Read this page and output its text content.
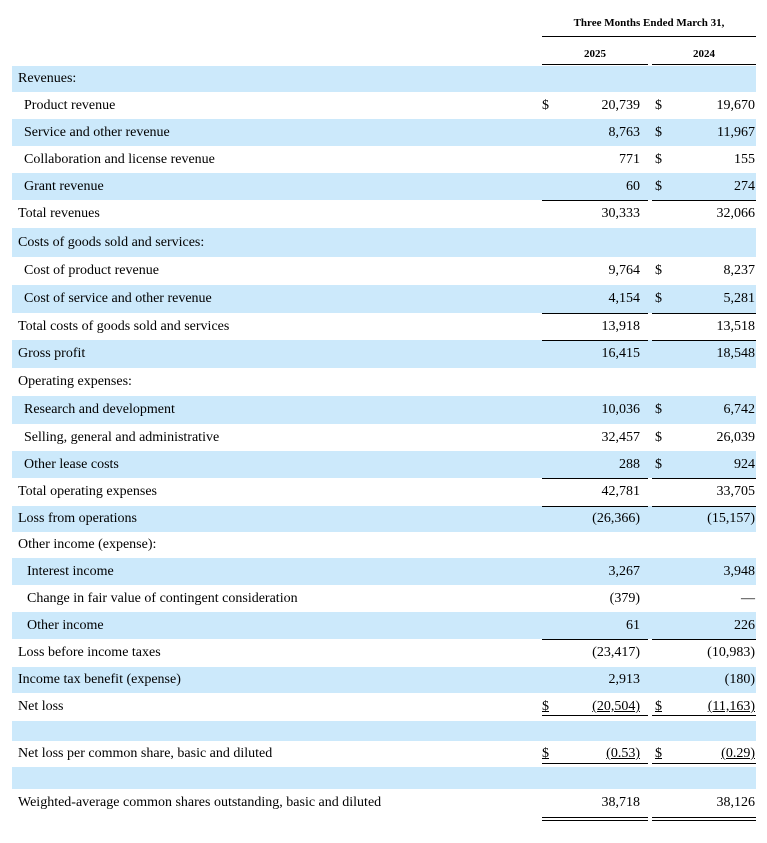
Three Months Ended March 31,
2025	2024
Revenues:
Product revenue	$	20,739 $	19,670
Service and other revenue	8,763 $	11,967
Collaboration and license revenue	771 $	155
Grant revenue	60 $	274
Total revenues	30,333	32,066
Costs of goods sold and services:
Cost of product revenue	9,764 $	8,237
Cost of service and other revenue	4,154 $	5,281
Total costs of goods sold and services	13,918	13,518
Gross profit	16,415	18,548
Operating expenses:
Research and development	10,036 $	6,742
Selling, general and administrative	32,457 $	26,039
Other lease costs	288 $	924
Total operating expenses	42,781	33,705
Loss from operations	(26,366)	(15,157)
Other income (expense):
Interest income	3,267	3,948
Change in fair value of contingent consideration	(379)	—
Other income	61	226
Loss before income taxes	(23,417)	(10,983)
Income tax benefit (expense)	2,913	(180)
Net loss	$	(20,504) $	(11,163)
Net loss per common share, basic and diluted	$	(0.53) $	(0.29)
Weighted-average common shares outstanding, basic and diluted	38,718	38,126
